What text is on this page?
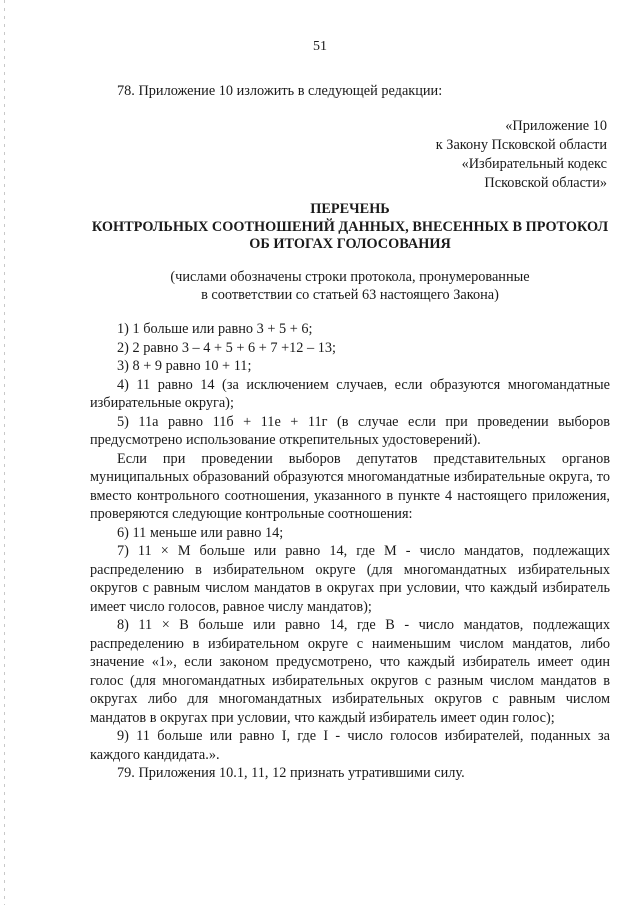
51

78. Приложение 10 изложить в следующей редакции:

«Приложение 10
к Закону Псковской области
«Избирательный кодекс
Псковской области»
ПЕРЕЧЕНЬ
КОНТРОЛЬНЫХ СООТНОШЕНИЙ ДАННЫХ, ВНЕСЕННЫХ В ПРОТОКОЛ
ОБ ИТОГАХ ГОЛОСОВАНИЯ
(числами обозначены строки протокола, пронумерованные
в соответствии со статьей 63 настоящего Закона)

1) 1 больше или равно 3 + 5 + 6;

2) 2 равно 3 – 4 + 5 + 6 + 7 +12 – 13;

3) 8 + 9 равно 10 + 11;

4) 11 равно 14 (за исключением случаев, если образуются многомандатные избирательные округа);

5) 11а равно 11б + 11е + 11г (в случае если при проведении выборов предусмотрено использование открепительных удостоверений).

Если при проведении выборов депутатов представительных органов муниципальных образований образуются многомандатные избирательные округа, то вместо контрольного соотношения, указанного в пункте 4 настоящего приложения, проверяются следующие контрольные соотношения:

6) 11 меньше или равно 14;

7) 11 × М больше или равно 14, где М - число мандатов, подлежащих распределению в избирательном округе (для многомандатных избирательных округов с равным числом мандатов в округах при условии, что каждый избиратель имеет число голосов, равное числу мандатов);

8) 11 × В больше или равно 14, где В - число мандатов, подлежащих распределению в избирательном округе с наименьшим числом мандатов, либо значение «1», если законом предусмотрено, что каждый избиратель имеет один голос (для многомандатных избирательных округов с разным числом мандатов в округах либо для многомандатных избирательных округов с равным числом мандатов в округах при условии, что каждый избиратель имеет один голос);

9) 11 больше или равно I, где I - число голосов избирателей, поданных за каждого кандидата.».

79. Приложения 10.1, 11, 12 признать утратившими силу.
